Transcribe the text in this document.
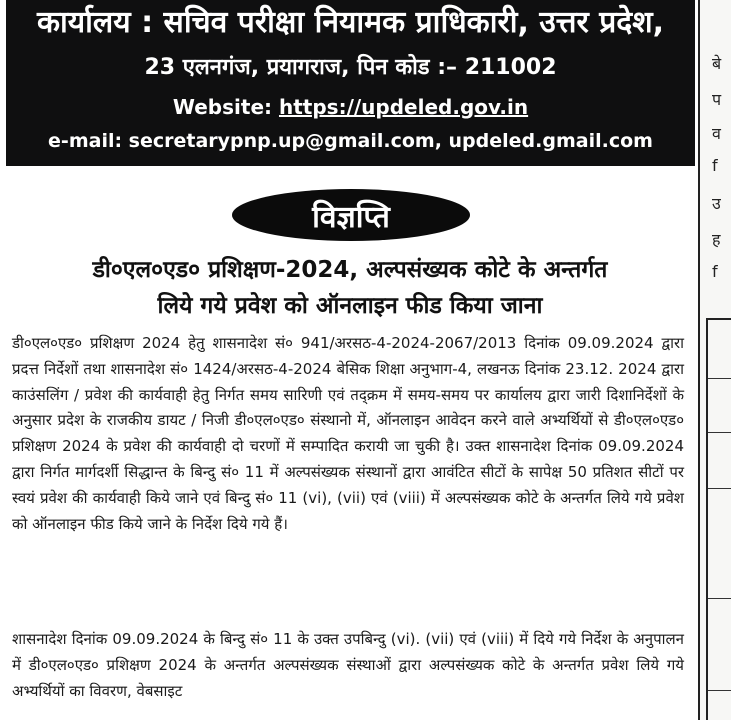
कार्यालय : सचिव परीक्षा नियामक प्राधिकारी, उत्तर प्रदेश,
23 एलनगंज, प्रयागराज, पिन कोड :– 211002
Website: https://updeled.gov.in
e-mail: secretarypnp.up@gmail.com, updeled.gmail.com
विज्ञप्ति
डी०एल०एड० प्रशिक्षण-2024, अल्पसंख्यक कोटे के अन्तर्गत
लिये गये प्रवेश को ऑनलाइन फीड किया जाना
डी०एल०एड० प्रशिक्षण 2024 हेतु शासनादेश सं० 941/अरसठ-4-2024-2067/2013 दिनांक 09.09.2024 द्वारा प्रदत्त निर्देशों तथा शासनादेश सं० 1424/अरसठ-4-2024 बेसिक शिक्षा अनुभाग-4, लखनऊ दिनांक 23.12. 2024 द्वारा काउंसलिंग / प्रवेश की कार्यवाही हेतु निर्गत समय सारिणी एवं तद्क्रम में समय-समय पर कार्यालय द्वारा जारी दिशानिर्देशों के अनुसार प्रदेश के राजकीय डायट / निजी डी०एल०एड० संस्थानो में, ऑनलाइन आवेदन करने वाले अभ्यर्थियों से डी०एल०एड० प्रशिक्षण 2024 के प्रवेश की कार्यवाही दो चरणों में सम्पादित करायी जा चुकी है। उक्त शासनादेश दिनांक 09.09.2024 द्वारा निर्गत मार्गदर्शी सिद्धान्त के बिन्दु सं० 11 में अल्पसंख्यक संस्थानों द्वारा आवंटित सीटों के सापेक्ष 50 प्रतिशत सीटों पर स्वयं प्रवेश की कार्यवाही किये जाने एवं बिन्दु सं० 11 (vi), (vii) एवं (viii) में अल्पसंख्यक कोटे के अन्तर्गत लिये गये प्रवेश को ऑनलाइन फीड किये जाने के निर्देश दिये गये हैं।
शासनादेश दिनांक 09.09.2024 के बिन्दु सं० 11 के उक्त उपबिन्दु (vi). (vii) एवं (viii) में दिये गये निर्देश के अनुपालन में डी०एल०एड० प्रशिक्षण 2024 के अन्तर्गत अल्पसंख्यक संस्थाओं द्वारा अल्पसंख्यक कोटे के अन्तर्गत प्रवेश लिये गये अभ्यर्थियों का विवरण, वेबसाइट
बे
प
व
f
उ
ह
f
